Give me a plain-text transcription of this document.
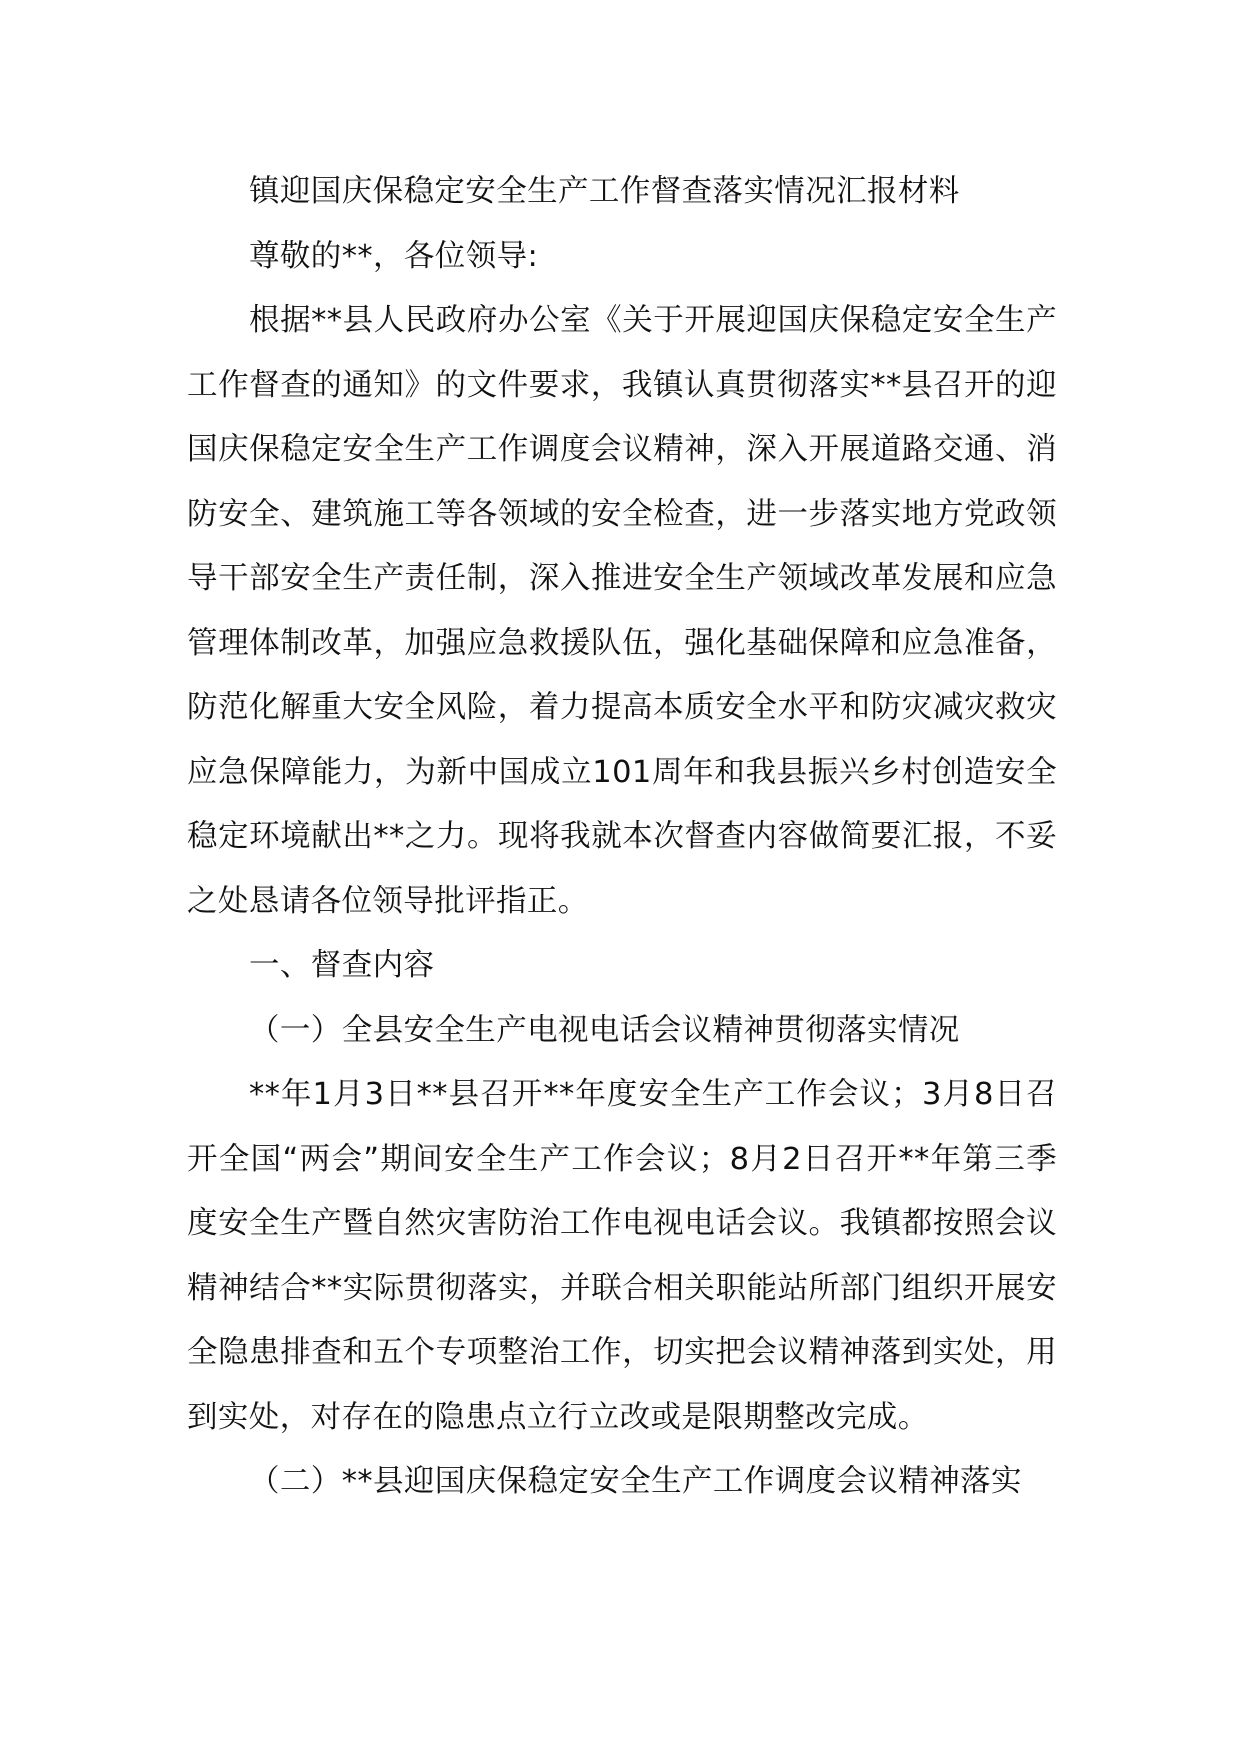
镇迎国庆保稳定安全生产工作督查落实情况汇报材料

尊敬的**，各位领导:

根据**县人民政府办公室《关于开展迎国庆保稳定安全生产工作督查的通知》的文件要求，我镇认真贯彻落实**县召开的迎国庆保稳定安全生产工作调度会议精神，深入开展道路交通、消防安全、建筑施工等各领域的安全检查，进一步落实地方党政领导干部安全生产责任制，深入推进安全生产领域改革发展和应急管理体制改革，加强应急救援队伍，强化基础保障和应急准备，防范化解重大安全风险，着力提高本质安全水平和防灾减灾救灾应急保障能力，为新中国成立101周年和我县振兴乡村创造安全稳定环境献出**之力。现将我就本次督查内容做简要汇报，不妥之处恳请各位领导批评指正。

一、督查内容

（一）全县安全生产电视电话会议精神贯彻落实情况

**年1月3日**县召开**年度安全生产工作会议；3月8日召开全国“两会”期间安全生产工作会议；8月2日召开**年第三季度安全生产暨自然灾害防治工作电视电话会议。我镇都按照会议精神结合**实际贯彻落实，并联合相关职能站所部门组织开展安全隐患排查和五个专项整治工作，切实把会议精神落到实处，用到实处，对存在的隐患点立行立改或是限期整改完成。

（二）**县迎国庆保稳定安全生产工作调度会议精神落实
